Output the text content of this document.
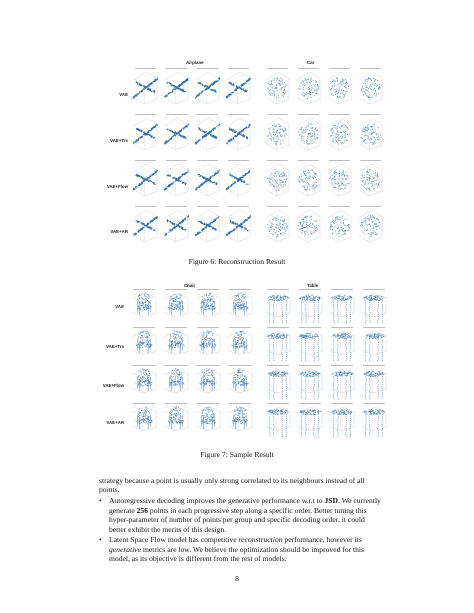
Airplane	Car
VAE
VAE+Trs
VAE+Flow
VAE+AR
Chair	Table
VAE
VAE+Trs
VAE+Flow
VAE+AR
Figure 6: Reconstruction Result
Figure 7: Sample Result

strategy because a point is usually only strong correlated to its neighbours instead of all points.

• Autoregressive decoding improves the generative performance w.r.t to JSD. We currently generate 256 points in each progressive step along a specific order. Better tuning this hyper-parameter of number of points per group and specific decoding order, it could better exhibit the merits of this design.
• Latent Space Flow model has competitive reconstruction performance, however its generative metrics are low. We believe the optimization should be improved for this model, as its objective is different from the rest of models.
8
